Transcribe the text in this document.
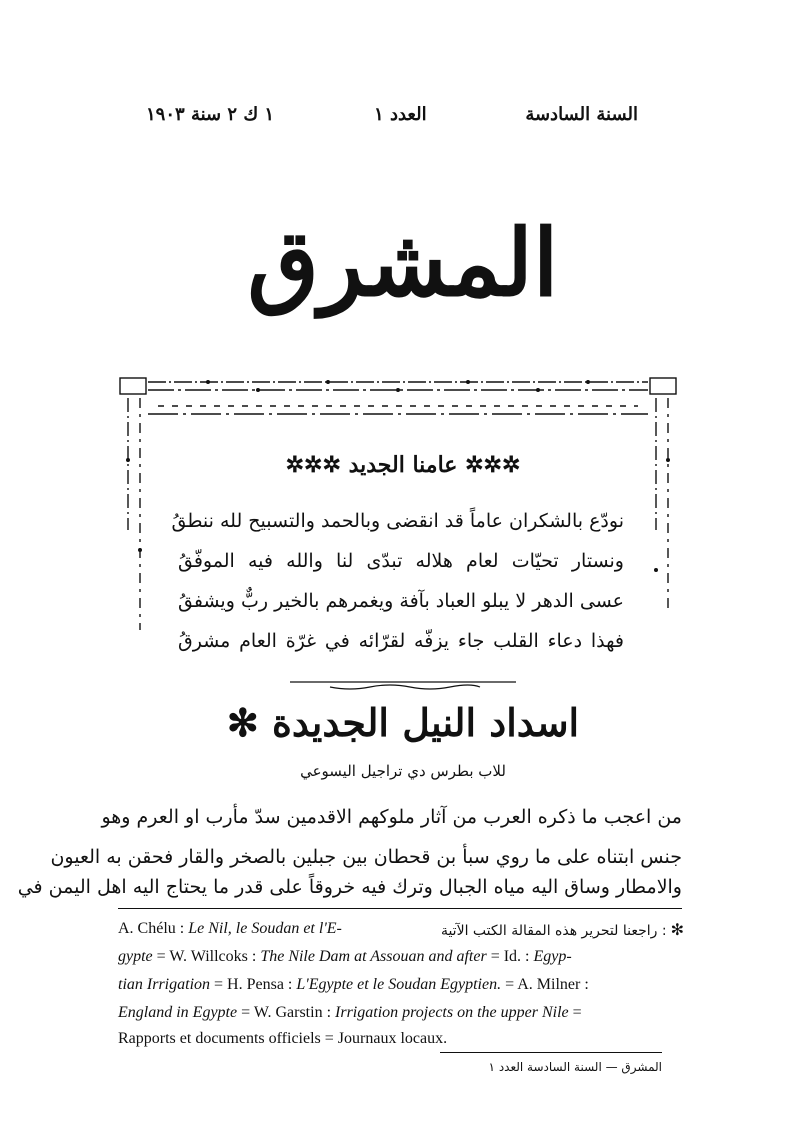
السنة السادسة
العدد ١
١ ك ٢ سنة ١٩٠٣
المشرق
✲✲✲ عامنا الجديد ✲✲✲
نودّع بالشكران عاماً قد انقضى وبالحمد والتسبيح لله ننطقُ
ونستار تحيّات لعام هلاله تبدّى لنا والله فيه الموفّقُ
عسى الدهر لا يبلو العباد بآفة ويغمرهم بالخير ربٌّ ويشفقُ
فهذا دعاء القلب جاء يزفّه لقرّائه في غرّة العام مشرقُ
اسداد النيل الجديدة ✻
للاب بطرس دي تراجيل اليسوعي
من اعجب ما ذكره العرب من آثار ملوكهم الاقدمين سدّ مأرب او العرم وهو
جنس ابتناه على ما روي سبأ بن قحطان بين جبلين بالصخر والقار فحقن به العيون
والامطار وساق اليه مياه الجبال وترك فيه خروقاً على قدر ما يحتاج اليه اهل اليمن في
A. Chélu : Le Nil, le Soudan et l'E-	راجعنا لتحرير هذه المقالة الكتب الآتية : ✻
gypte = W. Willcoks : The Nile Dam at Assouan and after = Id. : Egyp-
tian Irrigation = H. Pensa : L'Egypte et le Soudan Egyptien. = A. Milner :
England in Egypte = W. Garstin : Irrigation projects on the upper Nile =
Rapports et documents officiels = Journaux locaux.
المشرق — السنة السادسة العدد ١
